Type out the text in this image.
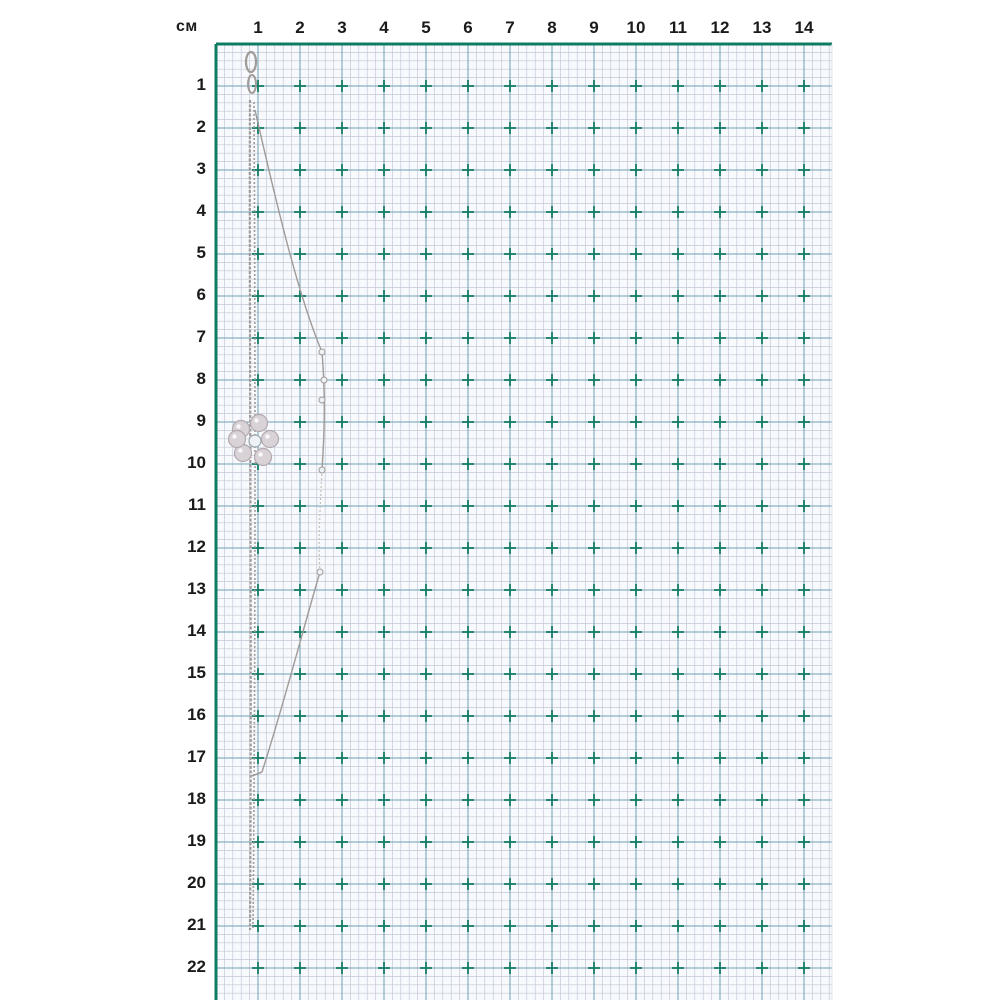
см	1	2	3	4	5	6	7	8	9	10	11	12	13	14
1
2
3
4
5
6
7
8
9
10
11
12
13
14
15
16
17
18
19
20
21
22
